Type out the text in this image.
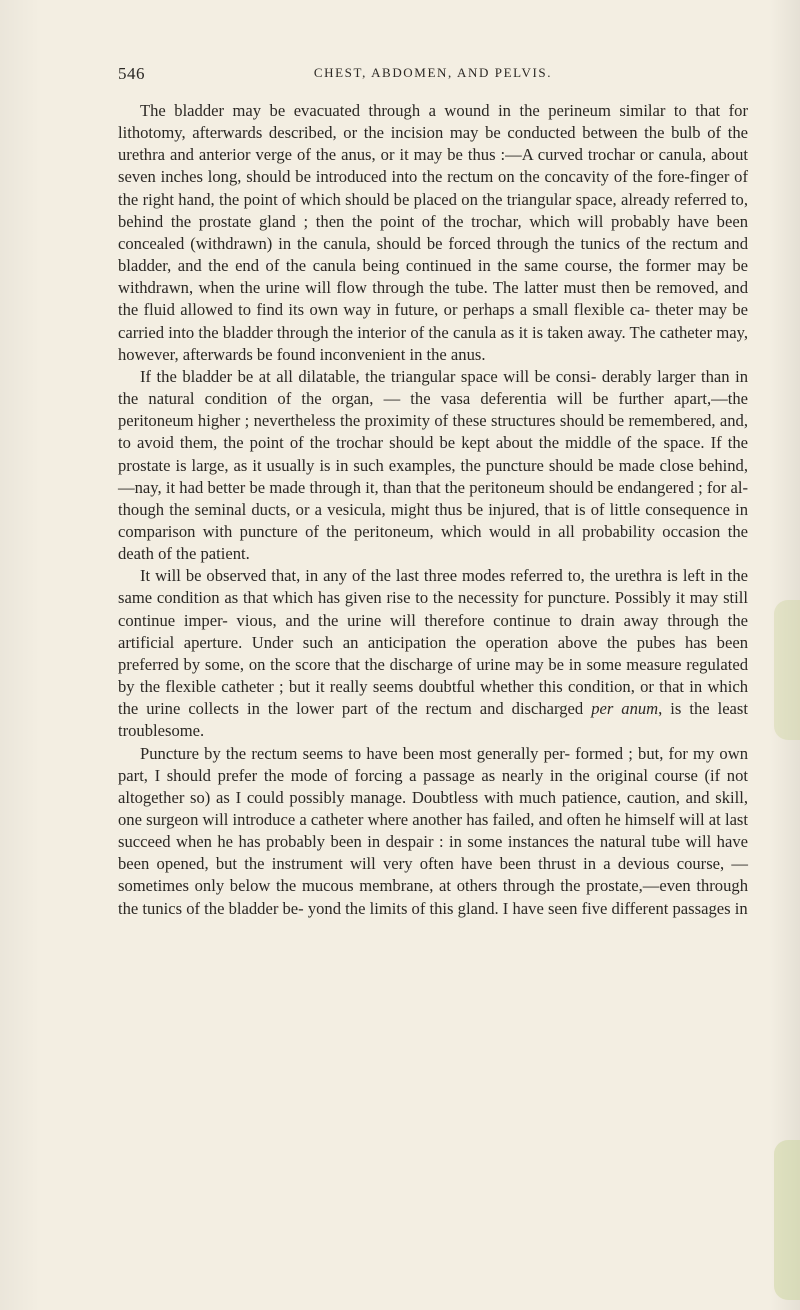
546	CHEST, ABDOMEN, AND PELVIS.

The bladder may be evacuated through a wound in the perineum similar to that for lithotomy, afterwards described, or the incision may be conducted between the bulb of the urethra and anterior verge of the anus, or it may be thus :—A curved trochar or canula, about seven inches long, should be introduced into the rectum on the concavity of the fore-finger of the right hand, the point of which should be placed on the triangular space, already referred to, behind the prostate gland ; then the point of the trochar, which will probably have been concealed (withdrawn) in the canula, should be forced through the tunics of the rectum and bladder, and the end of the canula being continued in the same course, the former may be withdrawn, when the urine will flow through the tube. The latter must then be removed, and the fluid allowed to find its own way in future, or perhaps a small flexible ca- theter may be carried into the bladder through the interior of the canula as it is taken away. The catheter may, however, afterwards be found inconvenient in the anus.

If the bladder be at all dilatable, the triangular space will be consi- derably larger than in the natural condition of the organ, — the vasa deferentia will be further apart,—the peritoneum higher ; nevertheless the proximity of these structures should be remembered, and, to avoid them, the point of the trochar should be kept about the middle of the space. If the prostate is large, as it usually is in such examples, the puncture should be made close behind,—nay, it had better be made through it, than that the peritoneum should be endangered ; for al- though the seminal ducts, or a vesicula, might thus be injured, that is of little consequence in comparison with puncture of the peritoneum, which would in all probability occasion the death of the patient.

It will be observed that, in any of the last three modes referred to, the urethra is left in the same condition as that which has given rise to the necessity for puncture. Possibly it may still continue imper- vious, and the urine will therefore continue to drain away through the artificial aperture. Under such an anticipation the operation above the pubes has been preferred by some, on the score that the discharge of urine may be in some measure regulated by the flexible catheter ; but it really seems doubtful whether this condition, or that in which the urine collects in the lower part of the rectum and discharged per anum, is the least troublesome.

Puncture by the rectum seems to have been most generally per- formed ; but, for my own part, I should prefer the mode of forcing a passage as nearly in the original course (if not altogether so) as I could possibly manage. Doubtless with much patience, caution, and skill, one surgeon will introduce a catheter where another has failed, and often he himself will at last succeed when he has probably been in despair : in some instances the natural tube will have been opened, but the instrument will very often have been thrust in a devious course, — sometimes only below the mucous membrane, at others through the prostate,—even through the tunics of the bladder be- yond the limits of this gland. I have seen five different passages in
